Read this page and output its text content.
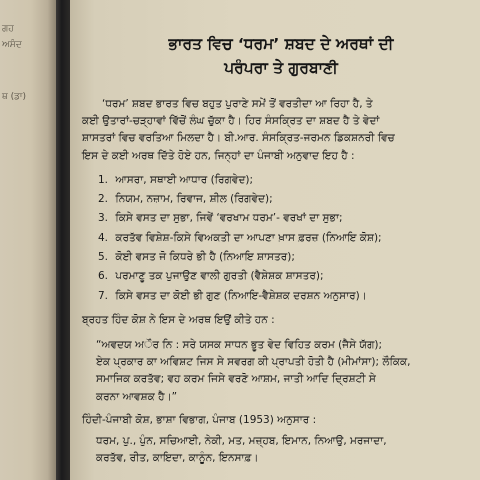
ਗਹ
ਅਸੰਦ
ਥ (ਡਾ)
ਭਾਰਤ ਵਿਚ ‘ਧਰਮ’ ਸ਼ਬਦ ਦੇ ਅਰਥਾਂ ਦੀ
ਪਰੰਪਰਾ ਤੇ ਗੁਰਬਾਣੀ
‘ਧਰਮ’ ਸ਼ਬਦ ਭਾਰਤ ਵਿਚ ਬਹੁਤ ਪੁਰਾਣੇ ਸਮੇਂ ਤੋਂ ਵਰਤੀਦਾ ਆ ਰਿਹਾ ਹੈ, ਤੇ
ਕਈ ਉਤਾਰਾਂ-ਚੜ੍ਹਾਵਾਂ ਵਿੱਚੋਂ ਲੰਘ ਚੁੱਕਾ ਹੈ। ਹਿਰ ਸੰਸਕ੍ਰਿਤ ਦਾ ਸ਼ਬਦ ਹੈ ਤੇ ਵੇਦਾਂ
ਸ਼ਾਸਤਰਾਂ ਵਿਚ ਵਰਤਿਆ ਮਿਲਦਾ ਹੈ। ਬੀ.ਆਰ. ਸੰਸਕ੍ਰਿਤ-ਜਰਮਨ ਡਿਕਸ਼ਨਰੀ ਵਿਚ
ਇਸ ਦੇ ਕਈ ਅਰਥ ਦਿੱਤੇ ਹੋਏ ਹਨ, ਜਿਨ੍ਹਾਂ ਦਾ ਪੰਜਾਬੀ ਅਨੁਵਾਦ ਇਹ ਹੈ :
1. ਆਸਰਾ, ਸਥਾਈ ਆਧਾਰ (ਰਿਗਵੇਦ);
2. ਨਿਯਮ, ਨਜ਼ਾਮ, ਰਿਵਾਜ, ਸ਼ੀਲ (ਰਿਗਵੇਦ);
3. ਕਿਸੇ ਵਸਤ ਦਾ ਸੁਭਾ, ਜਿਵੇਂ ‘ਵਰਖਾਮ ਧਰਮ’- ਵਰਖਾਂ ਦਾ ਸੁਭਾ;
4. ਕਰਤੱਵ ਵਿਸ਼ੇਸ਼-ਕਿਸੇ ਵਿਅਕਤੀ ਦਾ ਆਪਣਾ ਖ਼ਾਸ ਫ਼ਰਜ਼ (ਨਿਆਇ ਕੋਸ਼);
5. ਕੋਈ ਵਸਤ ਜੋ ਕਿਧਰੇ ਭੀ ਹੈ (ਨਿਆਇ ਸ਼ਾਸਤਰ);
6. ਪਰਮਾਣੂ ਤਕ ਪੁਜਾਉਣ ਵਾਲੀ ਗੁਰਤੀ (ਵੈਸ਼ੇਸ਼ਕ ਸ਼ਾਸਤਰ);
7. ਕਿਸੇ ਵਸਤ ਦਾ ਕੋਈ ਭੀ ਗੁਣ (ਨਿਆਇ-ਵੈਸ਼ੇਸ਼ਕ ਦਰਸ਼ਨ ਅਨੁਸਾਰ)।
ਬ੍ਰਹਤ ਹਿੰਦ ਕੋਸ਼ ਨੇ ਇਸ ਦੇ ਅਰਥ ਇਉਂ ਕੀਤੇ ਹਨ :
“ਅਵਦਯ ਅੌਰ ਨਿ : ਸਰੇ ਯਸਕ ਸਾਧਨ ਭੂਤ ਵੇਦ ਵਿਹਿਤ ਕਰਮ (ਜੈਸੇ ਯੱਗ);
ਏਕ ਪ੍ਰਕਾਰ ਕਾ ਅਵਿਸ਼ਟ ਜਿਸ ਸੇ ਸਵਰਗ ਕੀ ਪ੍ਰਾਪਤੀ ਹੋਤੀ ਹੈ (ਮੀਮਾਂਸਾ); ਲੌਕਿਕ,
ਸਮਾਜਿਕ ਕਰਤੱਵ; ਵਹ ਕਰਮ ਜਿਸੇ ਵਰਣੋ ਆਸ਼ਮ, ਜਾਤੀ ਆਦਿ ਦ੍ਰਿਸ਼ਟੀ ਸੇ
ਕਰਨਾ ਆਵਸ਼ਕ ਹੈ।”
ਹਿੰਦੀ-ਪੰਜਾਬੀ ਕੋਸ਼, ਭਾਸ਼ਾ ਵਿਭਾਗ, ਪੰਜਾਬ (1953) ਅਨੁਸਾਰ :
ਧਰਮ, ਪੁ., ਪੁੰਨ, ਸਚਿਆਈ, ਨੇਕੀ, ਮਤ, ਮਜ਼੍ਹਬ, ਇਮਾਨ, ਨਿਆਉ, ਮਰਜਾਦਾ,
ਕਰਤੱਵ, ਰੀਤ, ਕਾਇਦਾ, ਕਾਨੂੰਨ, ਇਨਸਾਫ਼।
